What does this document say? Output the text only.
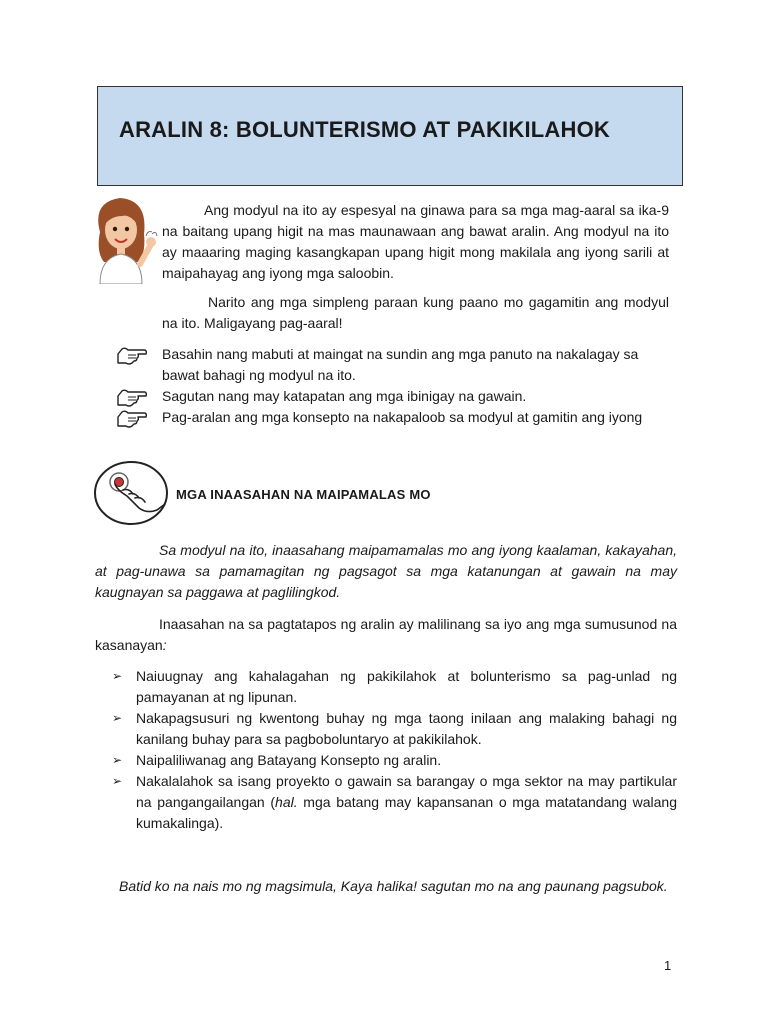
ARALIN 8: BOLUNTERISMO AT PAKIKILAHOK

Ang modyul na ito ay espesyal na ginawa para sa mga mag-aaral sa ika-9 na baitang upang higit na mas maunawaan ang bawat aralin. Ang modyul na ito ay maaaring maging kasangkapan upang higit mong makilala ang iyong sarili at maipahayag ang iyong mga saloobin.

Narito ang mga simpleng paraan kung paano mo gagamitin ang modyul na ito. Maligayang pag-aaral!

Basahin nang mabuti at maingat na sundin ang mga panuto na nakalagay sa bawat bahagi ng modyul na ito.
Sagutan nang may katapatan ang mga ibinigay na gawain.
Pag-aralan ang mga konsepto na nakapaloob sa modyul at gamitin ang iyong
MGA INAASAHAN NA MAIPAMALAS MO

Sa modyul na ito, inaasahang maipamamalas mo ang iyong kaalaman, kakayahan, at pag-unawa sa pamamagitan ng pagsagot sa mga katanungan at gawain na may kaugnayan sa paggawa at paglilingkod.

Inaasahan na sa pagtatapos ng aralin ay malilinang sa iyo ang mga sumusunod na kasanayan:

➢ Naiuugnay ang kahalagahan ng pakikilahok at bolunterismo sa pag-unlad ng pamayanan at ng lipunan.
➢ Nakapagsusuri ng kwentong buhay ng mga taong inilaan ang malaking bahagi ng kanilang buhay para sa pagboboluntaryo at pakikilahok.
➢ Naipaliliwanag ang Batayang Konsepto ng aralin.
➢ Nakalalahok sa isang proyekto o gawain sa barangay o mga sektor na may partikular na pangangailangan (hal. mga batang may kapansanan o mga matatandang walang kumakalinga).

Batid ko na nais mo ng magsimula, Kaya halika! sagutan mo na ang paunang pagsubok.

1
